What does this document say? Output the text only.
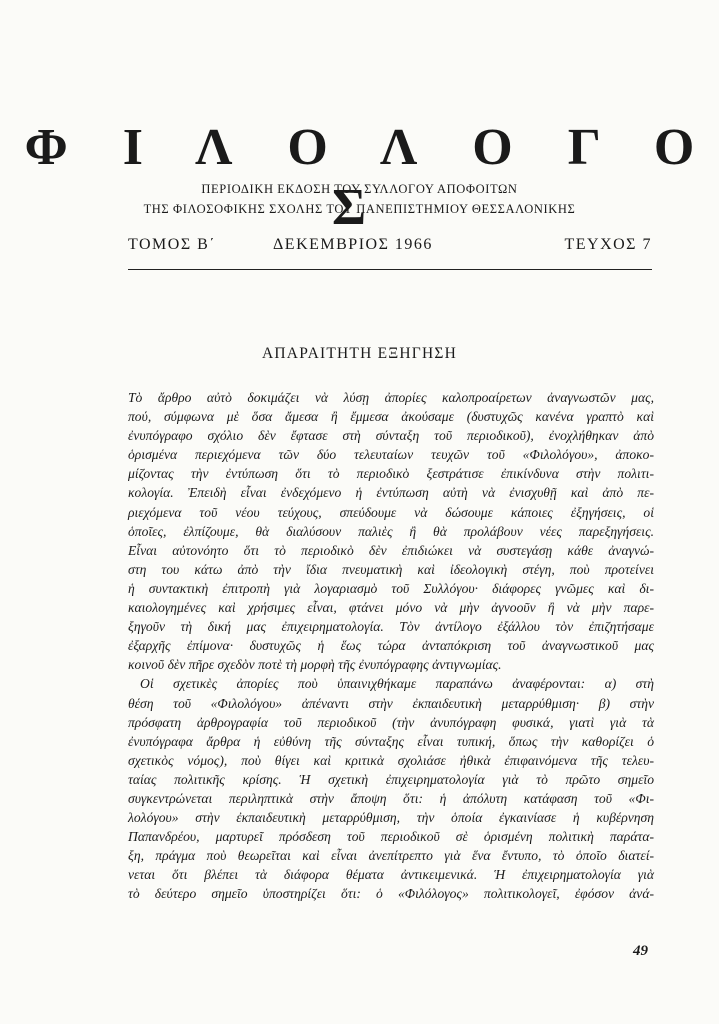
Φ Ι Λ Ο Λ Ο Γ Ο Σ
ΠΕΡΙΟΔΙΚΗ ΕΚΔΟΣΗ ΤΟΥ ΣΥΛΛΟΓΟΥ ΑΠΟΦΟΙΤΩΝ
ΤΗΣ ΦΙΛΟΣΟΦΙΚΗΣ ΣΧΟΛΗΣ ΤΟΥ ΠΑΝΕΠΙΣΤΗΜΙΟΥ ΘΕΣΣΑΛΟΝΙΚΗΣ
ΤΟΜΟΣ Β΄	ΔΕΚΕΜΒΡΙΟΣ 1966	ΤΕΥΧΟΣ 7
ΑΠΑΡΑΙΤΗΤΗ ΕΞΗΓΗΣΗ
Τὸ ἄρθρο αὐτὸ δοκιμάζει νὰ λύσῃ ἀπορίες καλοπροαίρετων ἀναγνωστῶν μας,
πού, σύμφωνα μὲ ὅσα ἄμεσα ἢ ἔμμεσα ἀκούσαμε (δυστυχῶς κανένα γραπτὸ καὶ
ἐνυπόγραφο σχόλιο δὲν ἔφτασε στὴ σύνταξη τοῦ περιοδικοῦ), ἐνοχλήθηκαν ἀπὸ
ὁρισμένα περιεχόμενα τῶν δύο τελευταίων τευχῶν τοῦ «Φιλολόγου», ἀποκο-
μίζοντας τὴν ἐντύπωση ὅτι τὸ περιοδικὸ ξεστράτισε ἐπικίνδυνα στὴν πολιτι-
κολογία. Ἐπειδὴ εἶναι ἐνδεχόμενο ἡ ἐντύπωση αὐτὴ νὰ ἐνισχυθῇ καὶ ἀπὸ πε-
ριεχόμενα τοῦ νέου τεύχους, σπεύδουμε νὰ δώσουμε κάποιες ἐξηγήσεις, οἱ
ὁποῖες, ἐλπίζουμε, θὰ διαλύσουν παλιὲς ἢ θὰ προλάβουν νέες παρεξηγήσεις.
Εἶναι αὐτονόητο ὅτι τὸ περιοδικὸ δὲν ἐπιδιώκει νὰ συστεγάσῃ κάθε ἀναγνώ-
στη του κάτω ἀπὸ τὴν ἴδια πνευματικὴ καὶ ἰδεολογικὴ στέγη, ποὺ προτείνει
ἡ συντακτικὴ ἐπιτροπὴ γιὰ λογαριασμὸ τοῦ Συλλόγου· διάφορες γνῶμες καὶ δι-
καιολογημένες καὶ χρήσιμες εἶναι, φτάνει μόνο νὰ μὴν ἀγνοοῦν ἢ νὰ μὴν παρε-
ξηγοῦν τὴ δική μας ἐπιχειρηματολογία. Τὸν ἀντίλογο ἐξάλλου τὸν ἐπιζητήσαμε
ἐξαρχῆς ἐπίμονα· δυστυχῶς ἡ ἕως τώρα ἀνταπόκριση τοῦ ἀναγνωστικοῦ μας
κοινοῦ δὲν πῆρε σχεδὸν ποτὲ τὴ μορφὴ τῆς ἐνυπόγραφης ἀντιγνωμίας.
Οἱ σχετικὲς ἀπορίες ποὺ ὑπαινιχθήκαμε παραπάνω ἀναφέρονται: α) στὴ
θέση τοῦ «Φιλολόγου» ἀπέναντι στὴν ἐκπαιδευτικὴ μεταρρύθμιση· β) στὴν
πρόσφατη ἀρθρογραφία τοῦ περιοδικοῦ (τὴν ἀνυπόγραφη φυσικά, γιατὶ γιὰ τὰ
ἐνυπόγραφα ἄρθρα ἡ εὐθύνη τῆς σύνταξης εἶναι τυπική, ὅπως τὴν καθορίζει ὁ
σχετικὸς νόμος), ποὺ θίγει καὶ κριτικὰ σχολιάσε ἠθικὰ ἐπιφαινόμενα τῆς τελευ-
ταίας πολιτικῆς κρίσης. Ἡ σχετικὴ ἐπιχειρηματολογία γιὰ τὸ πρῶτο σημεῖο
συγκεντρώνεται περιληπτικὰ στὴν ἄποψη ὅτι: ἡ ἀπόλυτη κατάφαση τοῦ «Φι-
λολόγου» στὴν ἐκπαιδευτικὴ μεταρρύθμιση, τὴν ὁποία ἐγκαινίασε ἡ κυβέρνηση
Παπανδρέου, μαρτυρεῖ πρόσδεση τοῦ περιοδικοῦ σὲ ὁρισμένη πολιτικὴ παράτα-
ξη, πράγμα ποὺ θεωρεῖται καὶ εἶναι ἀνεπίτρεπτο γιὰ ἕνα ἔντυπο, τὸ ὁποῖο διατεί-
νεται ὅτι βλέπει τὰ διάφορα θέματα ἀντικειμενικά. Ἡ ἐπιχειρηματολογία γιὰ
τὸ δεύτερο σημεῖο ὑποστηρίζει ὅτι: ὁ «Φιλόλογος» πολιτικολογεῖ, ἐφόσον ἀνά-
49
